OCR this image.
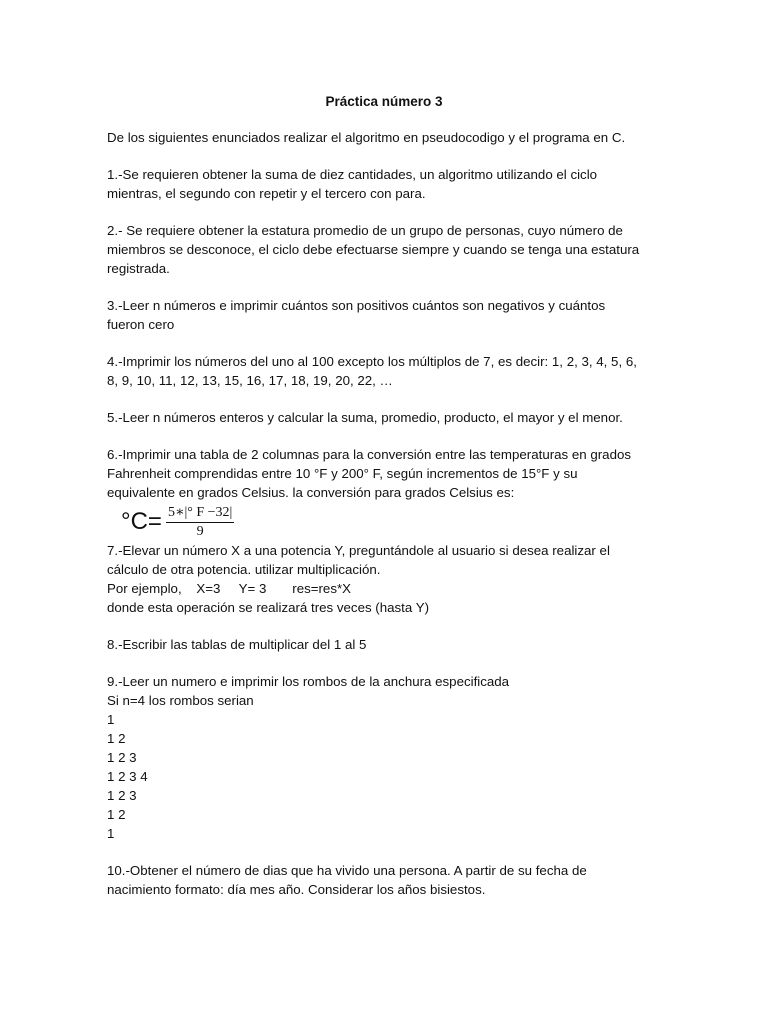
Práctica número 3

De los siguientes enunciados realizar el algoritmo en pseudocodigo y el programa en C.

1.-Se requieren obtener la suma de diez cantidades, un algoritmo utilizando el ciclo
mientras, el segundo con repetir y el tercero con para.

2.- Se requiere obtener la estatura promedio de un grupo de personas, cuyo número de
miembros se desconoce, el ciclo debe efectuarse siempre y cuando se tenga una estatura
registrada.

3.-Leer n números e imprimir cuántos son positivos cuántos son negativos y cuántos
fueron cero

4.-Imprimir los números del uno al 100 excepto los múltiplos de 7, es decir: 1, 2, 3, 4, 5, 6,
8, 9, 10, 11, 12, 13, 15, 16, 17, 18, 19, 20, 22, …

5.-Leer n números enteros y calcular la suma, promedio, producto, el mayor y el menor.

6.-Imprimir una tabla de 2 columnas para la conversión entre las temperaturas en grados
Fahrenheit comprendidas entre 10 °F y 200° F, según incrementos de 15°F y su
equivalente en grados Celsius. la conversión para grados Celsius es:

$^\circ C= \frac{5∗|^\circ F -32|}{9}$

7.-Elevar un número X a una potencia Y, preguntándole al usuario si desea realizar el
cálculo de otra potencia. utilizar multiplicación.
Por ejemplo,    X=3     Y= 3       res=res*X
donde esta operación se realizará tres veces (hasta Y)

8.-Escribir las tablas de multiplicar del 1 al 5

9.-Leer un numero e imprimir los rombos de la anchura especificada
Si n=4 los rombos serian
1
1 2
1 2 3
1 2 3 4
1 2 3
1 2
1

10.-Obtener el número de dias que ha vivido una persona. A partir de su fecha de
nacimiento formato: día mes año. Considerar los años bisiestos.
